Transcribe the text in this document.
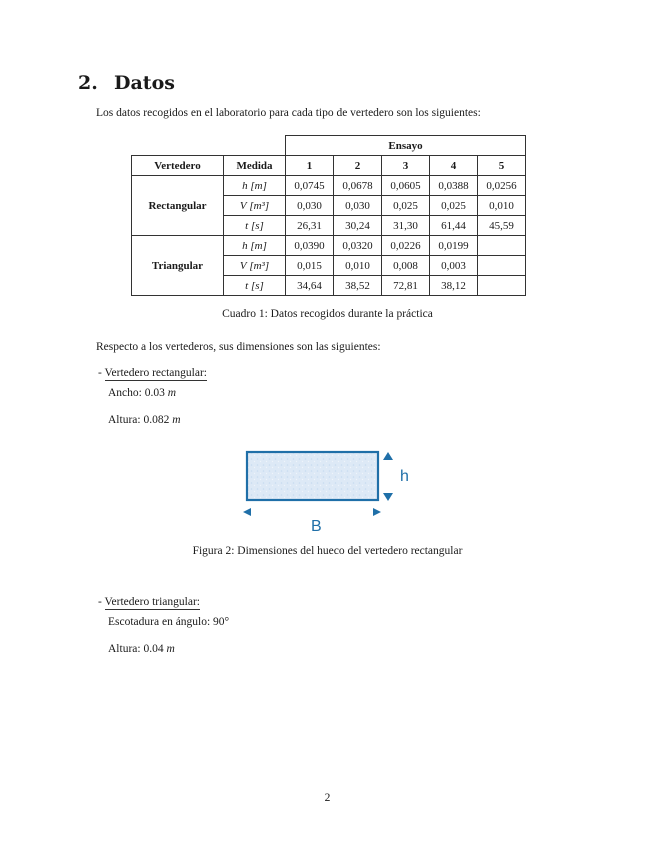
2. Datos
Los datos recogidos en el laboratorio para cada tipo de vertedero son los siguientes:
		Ensayo				
Vertedero	Medida	1	2	3	4	5
Rectangular	h [m]	0,0745	0,0678	0,0605	0,0388	0,0256
	V [m³]	0,030	0,030	0,025	0,025	0,010
	t [s]	26,31	30,24	31,30	61,44	45,59
Triangular	h [m]	0,0390	0,0320	0,0226	0,0199	
	V [m³]	0,015	0,010	0,008	0,003	
	t [s]	34,64	38,52	72,81	38,12	
Cuadro 1: Datos recogidos durante la práctica
Respecto a los vertederos, sus dimensiones son las siguientes:
- Vertedero rectangular:
Ancho: 0.03 m
Altura: 0.082 m
h
B
Figura 2: Dimensiones del hueco del vertedero rectangular
- Vertedero triangular:
Escotadura en ángulo: 90°
Altura: 0.04 m
2
